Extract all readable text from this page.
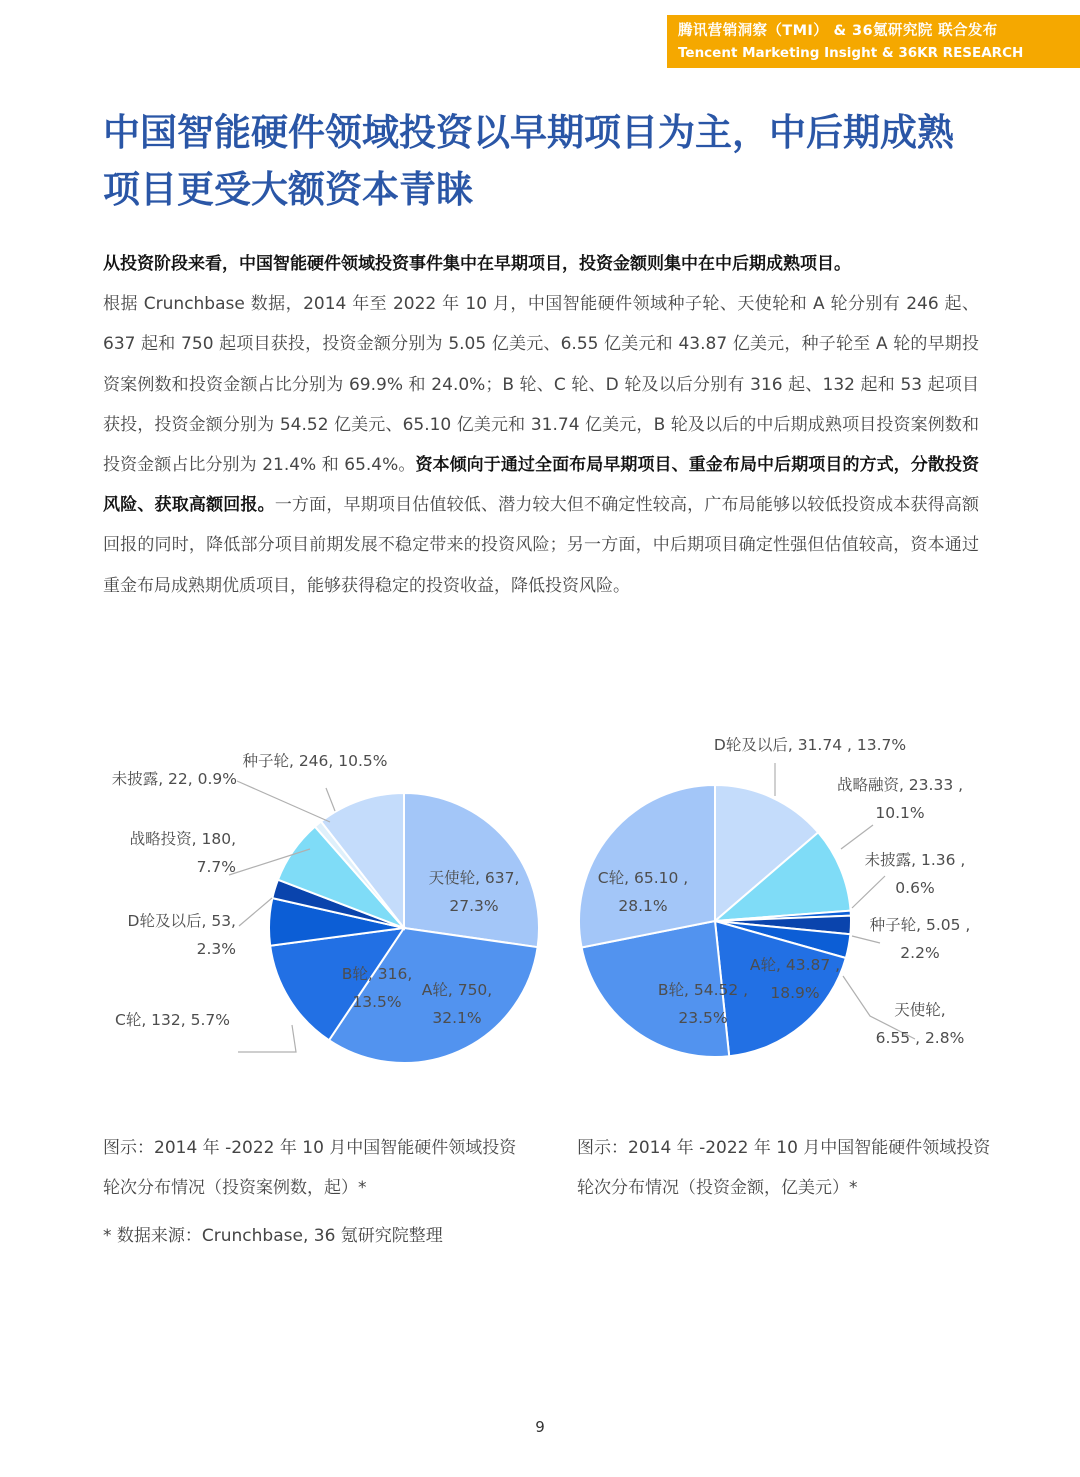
腾讯营销洞察（TMI） & 36氪研究院 联合发布
Tencent Marketing Insight & 36KR RESEARCH
中国智能硬件领域投资以早期项目为主，中后期成熟项目更受大额资本青睐

从投资阶段来看，中国智能硬件领域投资事件集中在早期项目，投资金额则集中在中后期成熟项目。
根据 Crunchbase 数据，2014 年至 2022 年 10 月，中国智能硬件领域种子轮、天使轮和 A 轮分别有 246 起、637 起和 750 起项目获投，投资金额分别为 5.05 亿美元、6.55 亿美元和 43.87 亿美元，种子轮至 A 轮的早期投资案例数和投资金额占比分别为 69.9% 和 24.0%；B 轮、C 轮、D 轮及以后分别有 316 起、132 起和 53 起项目获投，投资金额分别为 54.52 亿美元、65.10 亿美元和 31.74 亿美元，B 轮及以后的中后期成熟项目投资案例数和投资金额占比分别为 21.4% 和 65.4%。资本倾向于通过全面布局早期项目、重金布局中后期项目的方式，分散投资风险、获取高额回报。一方面，早期项目估值较低、潜力较大但不确定性较高，广布局能够以较低投资成本获得高额回报的同时，降低部分项目前期发展不稳定带来的投资风险；另一方面，中后期项目确定性强但估值较高，资本通过重金布局成熟期优质项目，能够获得稳定的投资收益，降低投资风险。

天使轮, 637,
27.3%
A轮, 750,
32.1%
B轮, 316,
13.5%
C轮, 132, 5.7%
D轮及以后, 53,
2.3%
战略投资, 180,
7.7%
未披露, 22, 0.9%
种子轮, 246, 10.5%
D轮及以后, 31.74 , 13.7%
战略融资, 23.33 ,
10.1%
未披露, 1.36 ,
0.6%
种子轮, 5.05 ,
2.2%
天使轮,
6.55 , 2.8%
A轮, 43.87 ,
18.9%
B轮, 54.52 ,
23.5%
C轮, 65.10 ,
28.1%

图示：2014 年 -2022 年 10 月中国智能硬件领域投资轮次分布情况（投资案例数，起）*

图示：2014 年 -2022 年 10 月中国智能硬件领域投资轮次分布情况（投资金额，亿美元）*

* 数据来源：Crunchbase, 36 氪研究院整理

9
